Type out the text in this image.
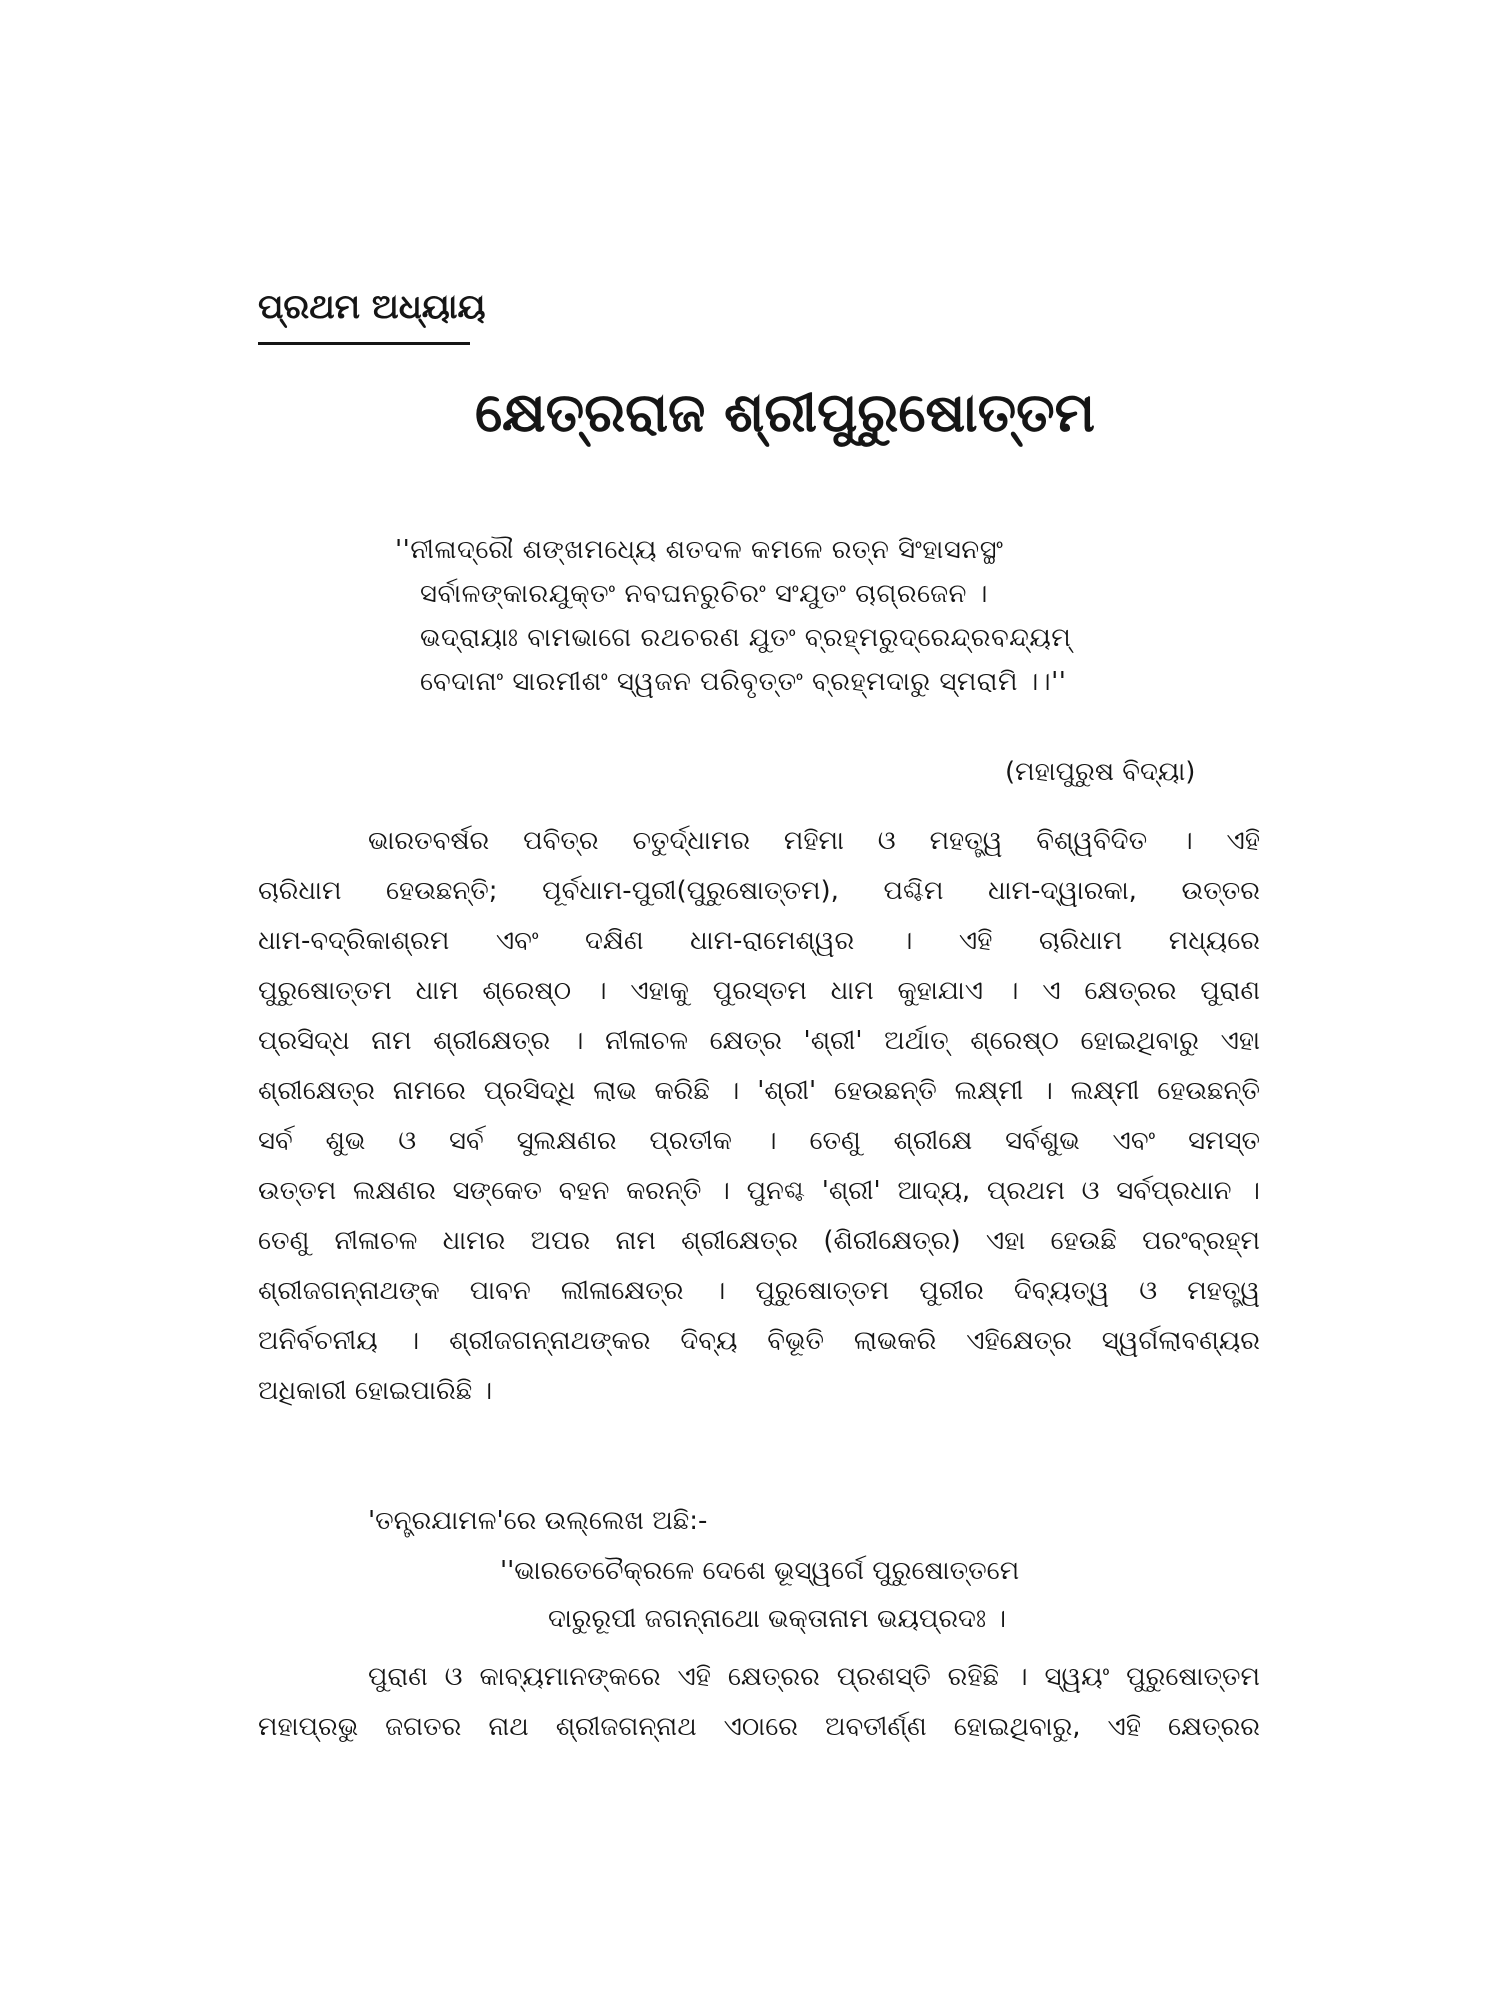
ପ୍ରଥମ ଅଧ୍ୟାୟ
କ୍ଷେତ୍ରରାଜ ଶ୍ରୀପୁରୁଷୋତ୍ତମ
''ନୀଳାଦ୍ରୌ ଶଙ୍ଖମଧ୍ୟେ ଶତଦଳ କମଳେ ରତ୍ନ ସିଂହାସନସ୍ଥଂ
ସର୍ବାଳଙ୍କାରଯୁକ୍ତଂ ନବଘନରୁଚିରଂ ସଂଯୁତଂ ଚାଗ୍ରଜେନ ।
ଭଦ୍ରାୟାଃ ବାମଭାଗେ ରଥଚରଣ ଯୁତଂ ବ୍ରହ୍ମରୁଦ୍ରେନ୍ଦ୍ରବନ୍ଦ୍ୟମ୍
ବେଦାନାଂ ସାରମୀଶଂ ସ୍ୱଜନ ପରିବୃତ୍ତଂ ବ୍ରହ୍ମଦାରୁ ସ୍ମରାମି ।।''
(ମହାପୁରୁଷ ବିଦ୍ୟା)
ଭାରତବର୍ଷର ପବିତ୍ର ଚତୁର୍ଦ୍ଧାମର ମହିମା ଓ ମହତ୍ତ୍ୱ ବିଶ୍ୱବିଦିତ । ଏହି
ଚାରିଧାମ ହେଉଛନ୍ତି; ପୂର୍ବଧାମ-ପୁରୀ(ପୁରୁଷୋତ୍ତମ), ପଶ୍ଚିମ ଧାମ-ଦ୍ୱାରକା, ଉତ୍ତର
ଧାମ-ବଦ୍ରିକାଶ୍ରମ ଏବଂ ଦକ୍ଷିଣ ଧାମ-ରାମେଶ୍ୱର । ଏହି ଚାରିଧାମ ମଧ୍ୟରେ
ପୁରୁଷୋତ୍ତମ ଧାମ ଶ୍ରେଷ୍ଠ । ଏହାକୁ ପୁରସ୍ତମ ଧାମ କୁହାଯାଏ । ଏ କ୍ଷେତ୍ରର ପୁରାଣ
ପ୍ରସିଦ୍ଧ ନାମ ଶ୍ରୀକ୍ଷେତ୍ର । ନୀଳାଚଳ କ୍ଷେତ୍ର 'ଶ୍ରୀ' ଅର୍ଥାତ୍ ଶ୍ରେଷ୍ଠ ହୋଇଥିବାରୁ ଏହା
ଶ୍ରୀକ୍ଷେତ୍ର ନାମରେ ପ୍ରସିଦ୍ଧି ଲାଭ କରିଛି । 'ଶ୍ରୀ' ହେଉଛନ୍ତି ଲକ୍ଷ୍ମୀ । ଲକ୍ଷ୍ମୀ ହେଉଛନ୍ତି
ସର୍ବ ଶୁଭ ଓ ସର୍ବ ସୁଲକ୍ଷଣର ପ୍ରତୀକ । ତେଣୁ ଶ୍ରୀକ୍ଷେ ସର୍ବଶୁଭ ଏବଂ ସମସ୍ତ
ଉତ୍ତମ ଲକ୍ଷଣର ସଙ୍କେତ ବହନ କରନ୍ତି । ପୁନଶ୍ଚ 'ଶ୍ରୀ' ଆଦ୍ୟ, ପ୍ରଥମ ଓ ସର୍ବପ୍ରଧାନ ।
ତେଣୁ ନୀଳାଚଳ ଧାମର ଅପର ନାମ ଶ୍ରୀକ୍ଷେତ୍ର (ଶିରୀକ୍ଷେତ୍ର) ଏହା ହେଉଛି ପରଂବ୍ରହ୍ମ
ଶ୍ରୀଜଗନ୍ନାଥଙ୍କ ପାବନ ଲୀଳାକ୍ଷେତ୍ର । ପୁରୁଷୋତ୍ତମ ପୁରୀର ଦିବ୍ୟତ୍ୱ ଓ ମହତ୍ତ୍ୱ
ଅନିର୍ବଚନୀୟ । ଶ୍ରୀଜଗନ୍ନାଥଙ୍କର ଦିବ୍ୟ ବିଭୂତି ଲାଭକରି ଏହିକ୍ଷେତ୍ର ସ୍ୱର୍ଗଲାବଣ୍ୟର
ଅଧିକାରୀ ହୋଇପାରିଛି ।
'ତନ୍ତ୍ରଯାମଳ'ରେ ଉଲ୍ଲେଖ ଅଛି:-
''ଭାରତେଚୈକ୍ରଳେ ଦେଶେ ଭୂସ୍ୱର୍ଗେ ପୁରୁଷୋତ୍ତମେ
ଦାରୁରୂପୀ ଜଗନ୍ନାଥୋ ଭକ୍ତାନାମ ଭୟପ୍ରଦଃ ।
ପୁରାଣ ଓ କାବ୍ୟମାନଙ୍କରେ ଏହି କ୍ଷେତ୍ରର ପ୍ରଶସ୍ତି ରହିଛି । ସ୍ୱୟଂ ପୁରୁଷୋତ୍ତମ
ମହାପ୍ରଭୁ ଜଗତର ନାଥ ଶ୍ରୀଜଗନ୍ନାଥ ଏଠାରେ ଅବତୀର୍ଣ୍ଣ ହୋଇଥିବାରୁ, ଏହି କ୍ଷେତ୍ରର
